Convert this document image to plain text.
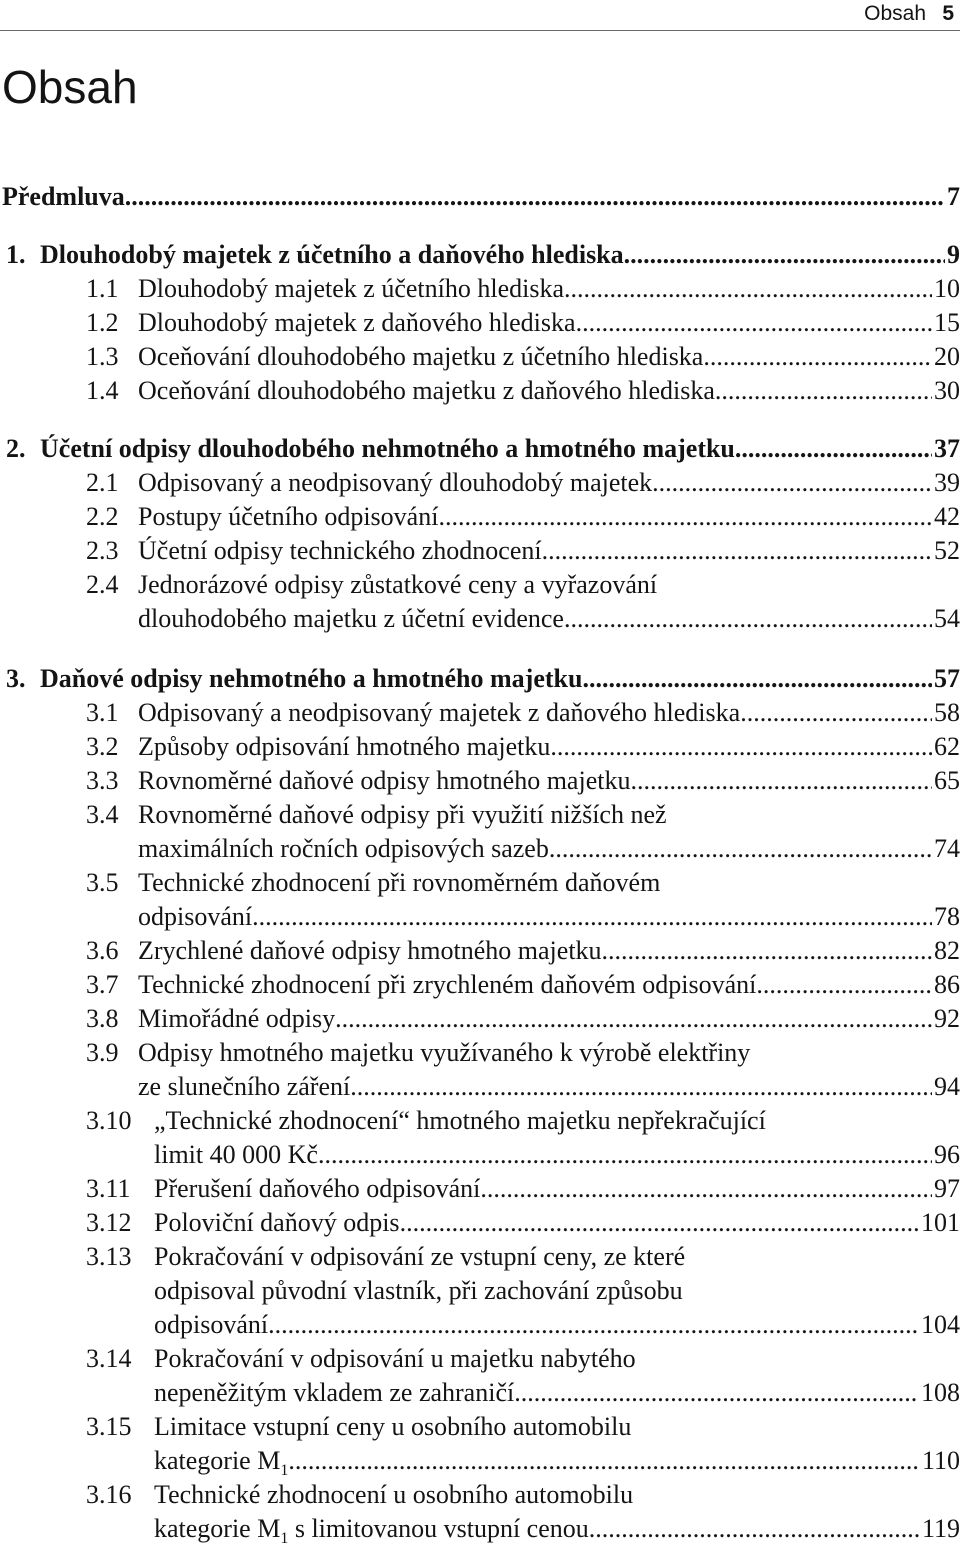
Obsah 5
Obsah
Předmluva .....	7
1. Dlouhodobý majetek z účetního a daňového hlediska .....	9
1.1 Dlouhodobý majetek z účetního hlediska .....	10
1.2 Dlouhodobý majetek z daňového hlediska .....	15
1.3 Oceňování dlouhodobého majetku z účetního hlediska .....	20
1.4 Oceňování dlouhodobého majetku z daňového hlediska .....	30
2. Účetní odpisy dlouhodobého nehmotného a hmotného majetku .....	37
2.1 Odpisovaný a neodpisovaný dlouhodobý majetek .....	39
2.2 Postupy účetního odpisování .....	42
2.3 Účetní odpisy technického zhodnocení .....	52
2.4 Jednorázové odpisy zůstatkové ceny a vyřazování
dlouhodobého majetku z účetní evidence .....	54
3. Daňové odpisy nehmotného a hmotného majetku .....	57
3.1 Odpisovaný a neodpisovaný majetek z daňového hlediska .....	58
3.2 Způsoby odpisování hmotného majetku .....	62
3.3 Rovnoměrné daňové odpisy hmotného majetku .....	65
3.4 Rovnoměrné daňové odpisy při využití nižších než
maximálních ročních odpisových sazeb .....	74
3.5 Technické zhodnocení při rovnoměrném daňovém
odpisování .....	78
3.6 Zrychlené daňové odpisy hmotného majetku .....	82
3.7 Technické zhodnocení při zrychleném daňovém odpisování .....	86
3.8 Mimořádné odpisy .....	92
3.9 Odpisy hmotného majetku využívaného k výrobě elektřiny
ze slunečního záření .....	94
3.10 „Technické zhodnocení“ hmotného majetku nepřekračující
limit 40 000 Kč .....	96
3.11 Přerušení daňového odpisování .....	97
3.12 Poloviční daňový odpis .....	101
3.13 Pokračování v odpisování ze vstupní ceny, ze které
odpisoval původní vlastník, při zachování způsobu
odpisování .....	104
3.14 Pokračování v odpisování u majetku nabytého
nepeněžitým vkladem ze zahraničí .....	108
3.15 Limitace vstupní ceny u osobního automobilu
kategorie $M_1$ .....	110
3.16 Technické zhodnocení u osobního automobilu
kategorie $M_1$ s limitovanou vstupní cenou .....	119
